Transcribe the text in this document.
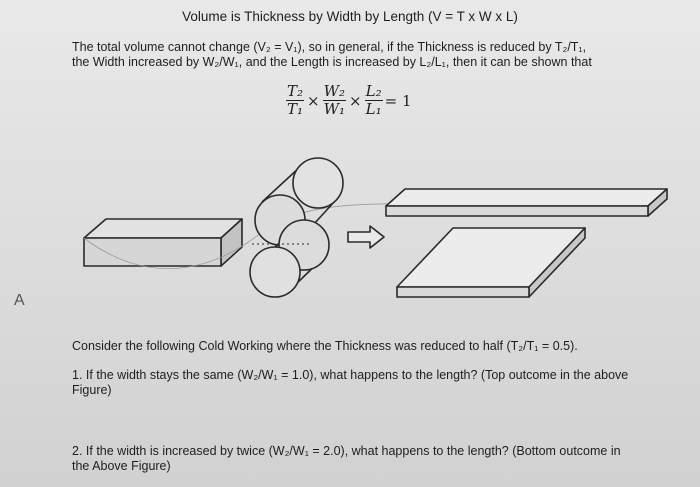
Volume is Thickness by Width by Length (V = T x W x L)

The total volume cannot change (V₂ = V₁), so in general, if the Thickness is reduced by T₂/T₁,

the Width increased by W₂/W₁, and the Length is increased by L₂/L₁, then it can be shown that

$\frac{\text{T₂}}{\text{T₁}} \times \frac{\text{W₂}}{\text{W₁}} \times \frac{\text{L₂}}{\text{L₁}} = 1$
A
Consider the following Cold Working where the Thickness was reduced to half (T₂/T₁ = 0.5).
1. If the width stays the same (W₂/W₁ = 1.0), what happens to the length? (Top outcome in the above Figure)
2. If the width is increased by twice (W₂/W₁ = 2.0), what happens to the length? (Bottom outcome in the Above Figure)
